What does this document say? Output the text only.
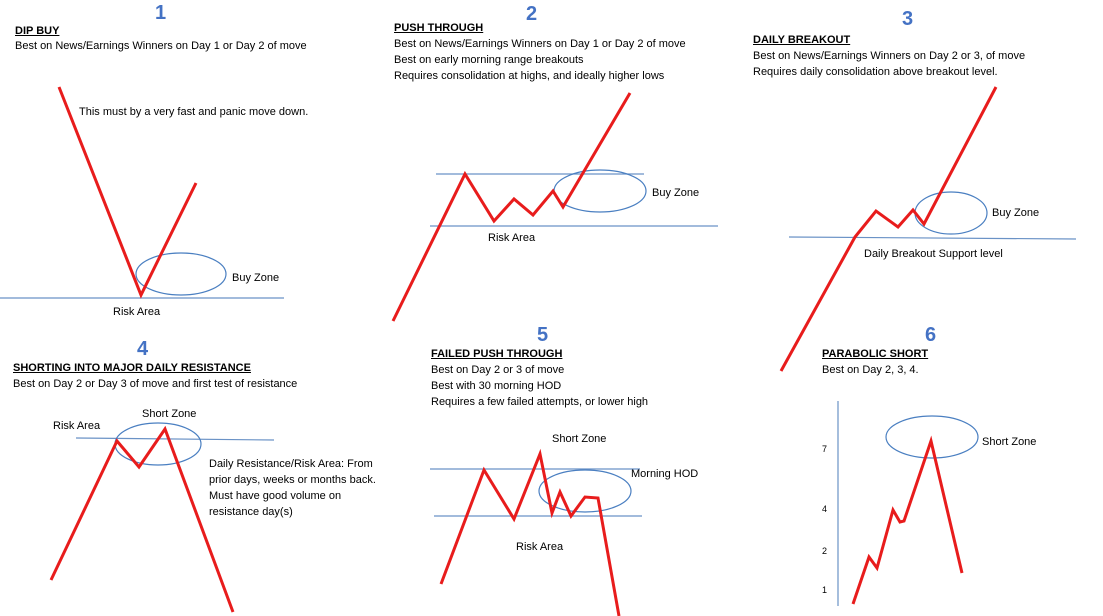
1
DIP BUY
Best on News/Earnings Winners on Day 1 or Day 2 of move
This must by a very fast and panic move down.
Buy Zone
Risk Area
2
PUSH THROUGH
Best on News/Earnings Winners on Day 1 or Day 2 of move
Best on early morning range breakouts
Requires consolidation at highs, and ideally higher lows
Buy Zone
Risk Area
3
DAILY BREAKOUT
Best on News/Earnings Winners on Day 2 or 3, of move
Requires daily consolidation above breakout level.
Buy Zone
Daily Breakout Support level
4
SHORTING INTO MAJOR DAILY RESISTANCE
Best on Day 2 or Day 3 of move and first test of resistance
Short Zone
Risk Area
Daily Resistance/Risk Area: From
prior days, weeks or months back.
Must have good volume on
resistance day(s)
5
FAILED PUSH THROUGH
Best on Day 2 or 3 of move
Best with 30 morning HOD
Requires a few failed attempts, or lower high
Short Zone
Morning HOD
Risk Area
6
PARABOLIC SHORT
Best on Day 2, 3, 4.
Short Zone
7
4
2
1
